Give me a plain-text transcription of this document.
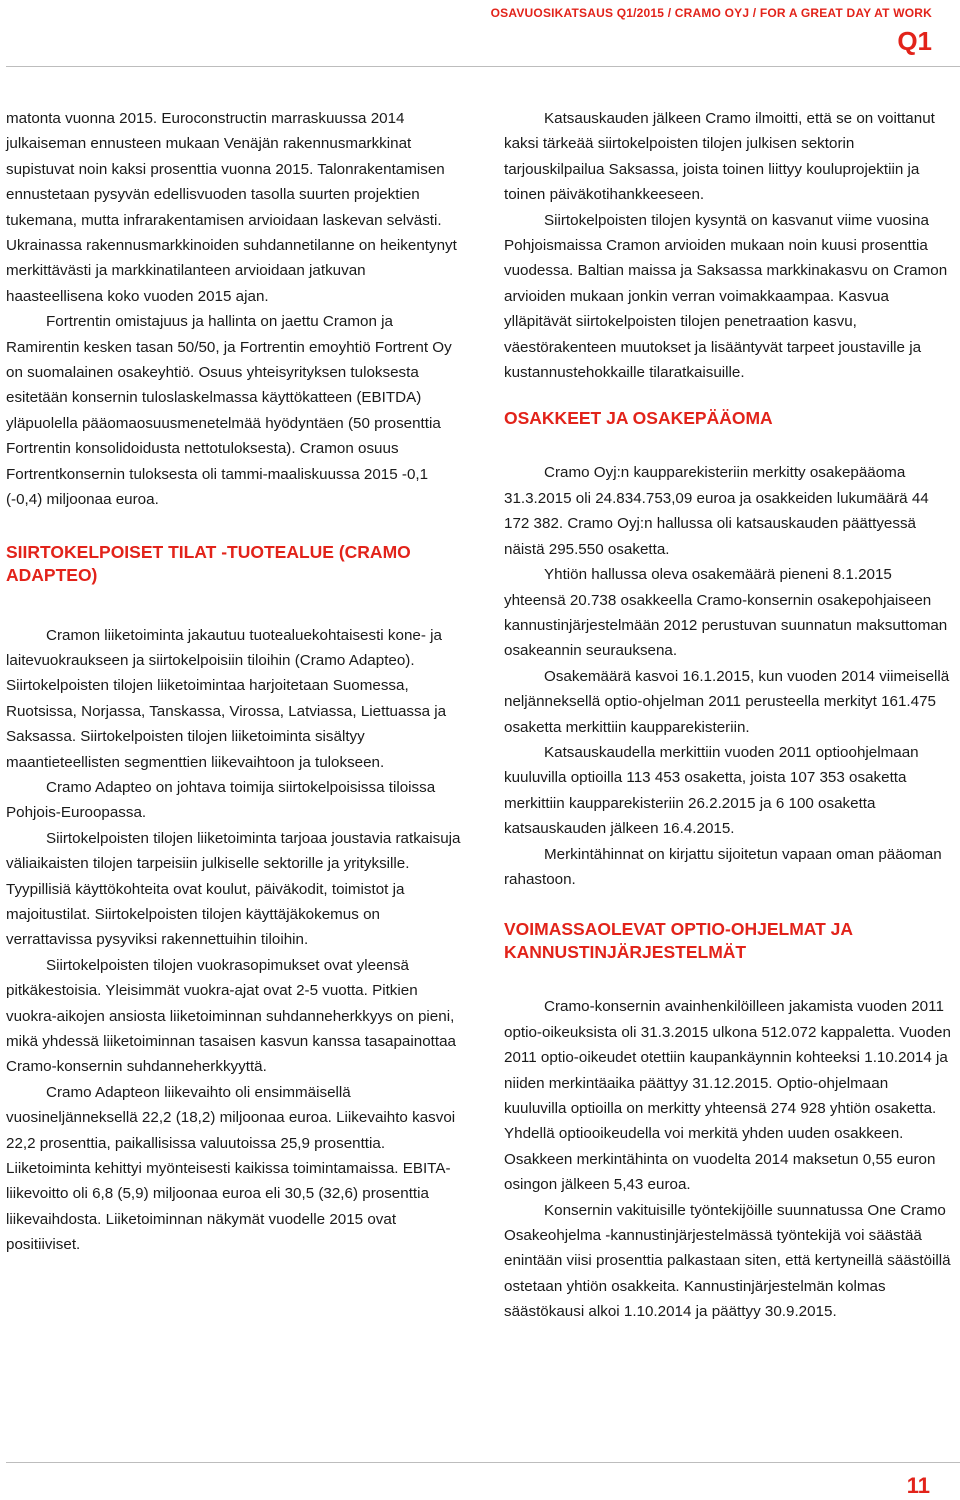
OSAVUOSIKATSAUS Q1/2015 / CRAMO OYJ / FOR A GREAT DAY AT WORK
Q1

matonta vuonna 2015. Euroconstructin marraskuussa 2014 julkaiseman ennusteen mukaan Venäjän rakennusmarkkinat supistuvat noin kaksi prosenttia vuonna 2015. Talonrakentamisen ennustetaan pysyvän edellisvuoden tasolla suurten projektien tukemana, mutta infrarakentamisen arvioidaan laskevan selvästi. Ukrainassa rakennusmarkkinoiden suhdannetilanne on heikentynyt merkittävästi ja markkinatilanteen arvioidaan jatkuvan haasteellisena koko vuoden 2015 ajan.

Fortrentin omistajuus ja hallinta on jaettu Cramon ja Ramirentin kesken tasan 50/50, ja Fortrentin emoyhtiö Fortrent Oy on suomalainen osakeyhtiö. Osuus yhteisyrityksen tuloksesta esitetään konsernin tuloslaskelmassa käyttökatteen (EBITDA) yläpuolella pääomaosuusmenetelmää hyödyntäen (50 prosenttia Fortrentin konsolidoidusta nettotuloksesta). Cramon osuus Fortrentkonsernin tuloksesta oli tammi-maaliskuussa 2015 -0,1 (-0,4) miljoonaa euroa.

SIIRTOKELPOISET TILAT -TUOTEALUE (CRAMO ADAPTEO)

Cramon liiketoiminta jakautuu tuotealuekohtaisesti kone- ja laitevuokraukseen ja siirtokelpoisiin tiloihin (Cramo Adapteo). Siirtokelpoisten tilojen liiketoimintaa harjoitetaan Suomessa, Ruotsissa, Norjassa, Tanskassa, Virossa, Latviassa, Liettuassa ja Saksassa. Siirtokelpoisten tilojen liiketoiminta sisältyy maantieteellisten segmenttien liikevaihtoon ja tulokseen.

Cramo Adapteo on johtava toimija siirtokelpoisissa tiloissa Pohjois-Euroopassa.

Siirtokelpoisten tilojen liiketoiminta tarjoaa joustavia ratkaisuja väliaikaisten tilojen tarpeisiin julkiselle sektorille ja yrityksille. Tyypillisiä käyttökohteita ovat koulut, päiväkodit, toimistot ja majoitustilat. Siirtokelpoisten tilojen käyttäjäkokemus on verrattavissa pysyviksi rakennettuihin tiloihin.

Siirtokelpoisten tilojen vuokrasopimukset ovat yleensä pitkäkestoisia. Yleisimmät vuokra-ajat ovat 2-5 vuotta. Pitkien vuokra-aikojen ansiosta liiketoiminnan suhdanneherkkyys on pieni, mikä yhdessä liiketoiminnan tasaisen kasvun kanssa tasapainottaa Cramo-konsernin suhdanneherkkyyttä.

Cramo Adapteon liikevaihto oli ensimmäisellä vuosineljänneksellä 22,2 (18,2) miljoonaa euroa. Liikevaihto kasvoi 22,2 prosenttia, paikallisissa valuutoissa 25,9 prosenttia. Liiketoiminta kehittyi myönteisesti kaikissa toimintamaissa. EBITA-liikevoitto oli 6,8 (5,9) miljoonaa euroa eli 30,5 (32,6) prosenttia liikevaihdosta. Liiketoiminnan näkymät vuodelle 2015 ovat positiiviset.

Katsauskauden jälkeen Cramo ilmoitti, että se on voittanut kaksi tärkeää siirtokelpoisten tilojen julkisen sektorin tarjouskilpailua Saksassa, joista toinen liittyy kouluprojektiin ja toinen päiväkotihankkeeseen.

Siirtokelpoisten tilojen kysyntä on kasvanut viime vuosina Pohjoismaissa Cramon arvioiden mukaan noin kuusi prosenttia vuodessa. Baltian maissa ja Saksassa markkinakasvu on Cramon arvioiden mukaan jonkin verran voimakkaampaa. Kasvua ylläpitävät siirtokelpoisten tilojen penetraation kasvu, väestörakenteen muutokset ja lisääntyvät tarpeet joustaville ja kustannustehokkaille tilaratkaisuille.

OSAKKEET JA OSAKEPÄÄOMA

Cramo Oyj:n kaupparekisteriin merkitty osakepääoma 31.3.2015 oli 24.834.753,09 euroa ja osakkeiden lukumäärä 44 172 382. Cramo Oyj:n hallussa oli katsauskauden päättyessä näistä 295.550 osaketta.

Yhtiön hallussa oleva osakemäärä pieneni 8.1.2015 yhteensä 20.738 osakkeella Cramo-konsernin osakepohjaiseen kannustinjärjestelmään 2012 perustuvan suunnatun maksuttoman osakeannin seurauksena.

Osakemäärä kasvoi 16.1.2015, kun vuoden 2014 viimeisellä neljänneksellä optio-ohjelman 2011 perusteella merkityt 161.475 osaketta merkittiin kaupparekisteriin.

Katsauskaudella merkittiin vuoden 2011 optioohjelmaan kuuluvilla optioilla 113 453 osaketta, joista 107 353 osaketta merkittiin kaupparekisteriin 26.2.2015 ja 6 100 osaketta katsauskauden jälkeen 16.4.2015.

Merkintähinnat on kirjattu sijoitetun vapaan oman pääoman rahastoon.

VOIMASSAOLEVAT OPTIO-OHJELMAT JA KANNUSTINJÄRJESTELMÄT

Cramo-konsernin avainhenkilöilleen jakamista vuoden 2011 optio-oikeuksista oli 31.3.2015 ulkona 512.072 kappaletta. Vuoden 2011 optio-oikeudet otettiin kaupankäynnin kohteeksi 1.10.2014 ja niiden merkintäaika päättyy 31.12.2015. Optio-ohjelmaan kuuluvilla optioilla on merkitty yhteensä 274 928 yhtiön osaketta. Yhdellä optiooikeudella voi merkitä yhden uuden osakkeen. Osakkeen merkintähinta on vuodelta 2014 maksetun 0,55 euron osingon jälkeen 5,43 euroa.

Konsernin vakituisille työntekijöille suunnatussa One Cramo Osakeohjelma -kannustinjärjestelmässä työntekijä voi säästää enintään viisi prosenttia palkastaan siten, että kertyneillä säästöillä ostetaan yhtiön osakkeita. Kannustinjärjestelmän kolmas säästökausi alkoi 1.10.2014 ja päättyy 30.9.2015.

11
